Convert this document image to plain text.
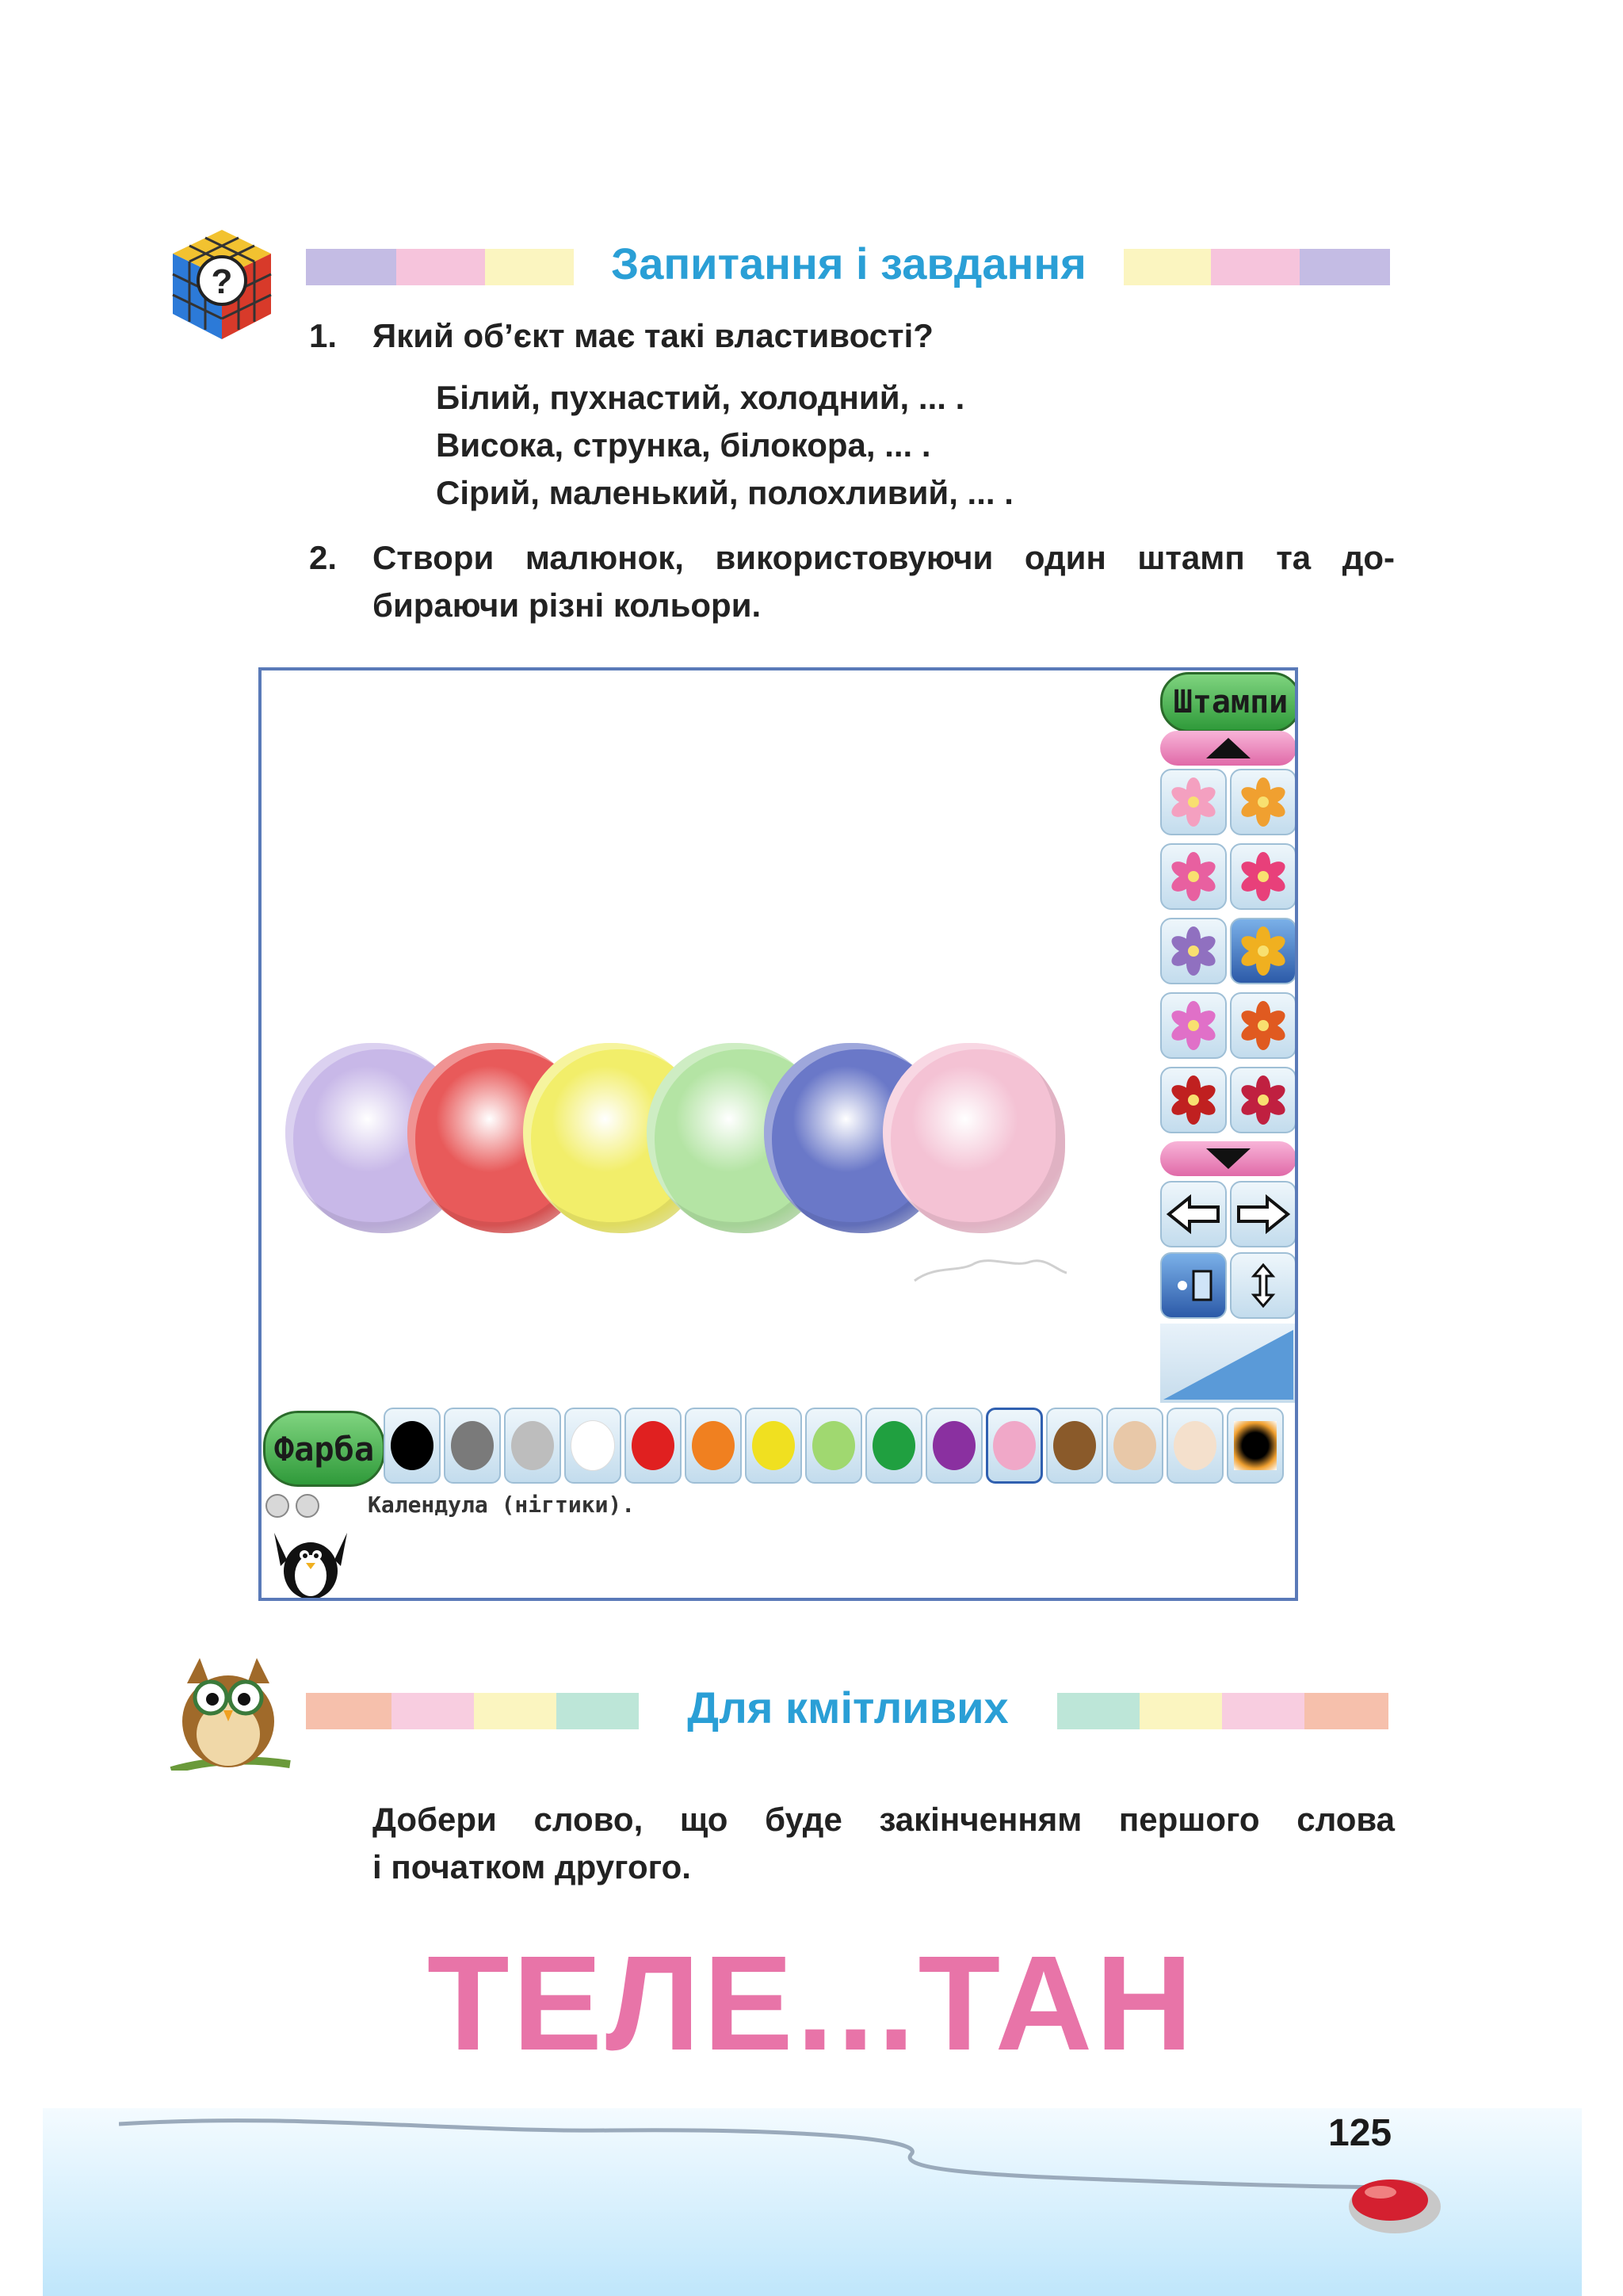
?	Запитання і завдання
1. Який об’єкт має такі властивості?
Білий, пухнастий, холодний, ... .
Висока, струнка, білокора, ... .
Сірий, маленький, полохливий, ... .
2. Створи малюнок, використовуючи один штамп та до-
бираючи різні кольори.
Штампи
Фарба
Календула (нігтики).
Для кмітливих
Добери слово, що буде закінченням першого слова
і початком другого.
ТЕЛЕ...ТАН
125
